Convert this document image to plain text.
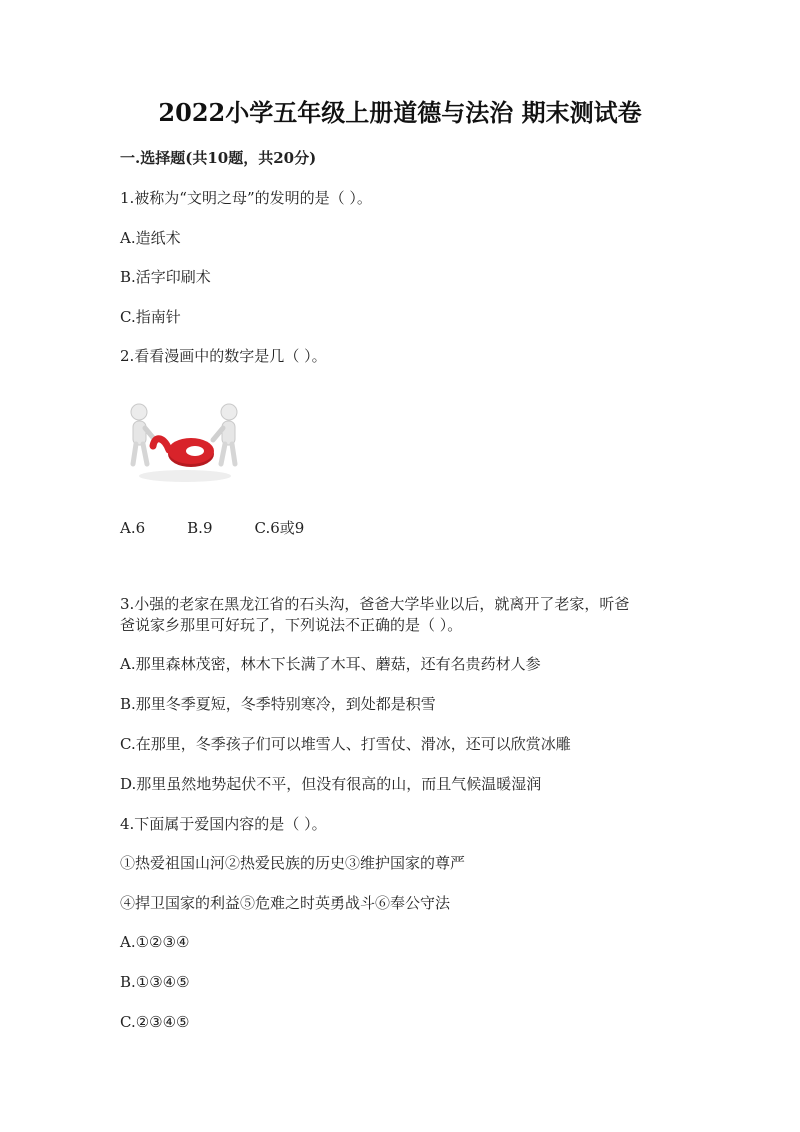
2022小学五年级上册道德与法治 期末测试卷
一.选择题(共10题，共20分)
1.被称为“文明之母”的发明的是（ ）。
A.造纸术
B.活字印刷术
C.指南针
2.看看漫画中的数字是几（ ）。
A.6	B.9	C.6或9
3.小强的老家在黑龙江省的石头沟，爸爸大学毕业以后，就离开了老家，听爸
爸说家乡那里可好玩了，下列说法不正确的是（ ）。
A.那里森林茂密，林木下长满了木耳、蘑菇，还有名贵药材人参
B.那里冬季夏短，冬季特别寒冷，到处都是积雪
C.在那里，冬季孩子们可以堆雪人、打雪仗、滑冰，还可以欣赏冰雕
D.那里虽然地势起伏不平，但没有很高的山，而且气候温暖湿润
4.下面属于爱国内容的是（ ）。
①热爱祖国山河②热爱民族的历史③维护国家的尊严
④捍卫国家的利益⑤危难之时英勇战斗⑥奉公守法
A.①②③④
B.①③④⑤
C.②③④⑤
